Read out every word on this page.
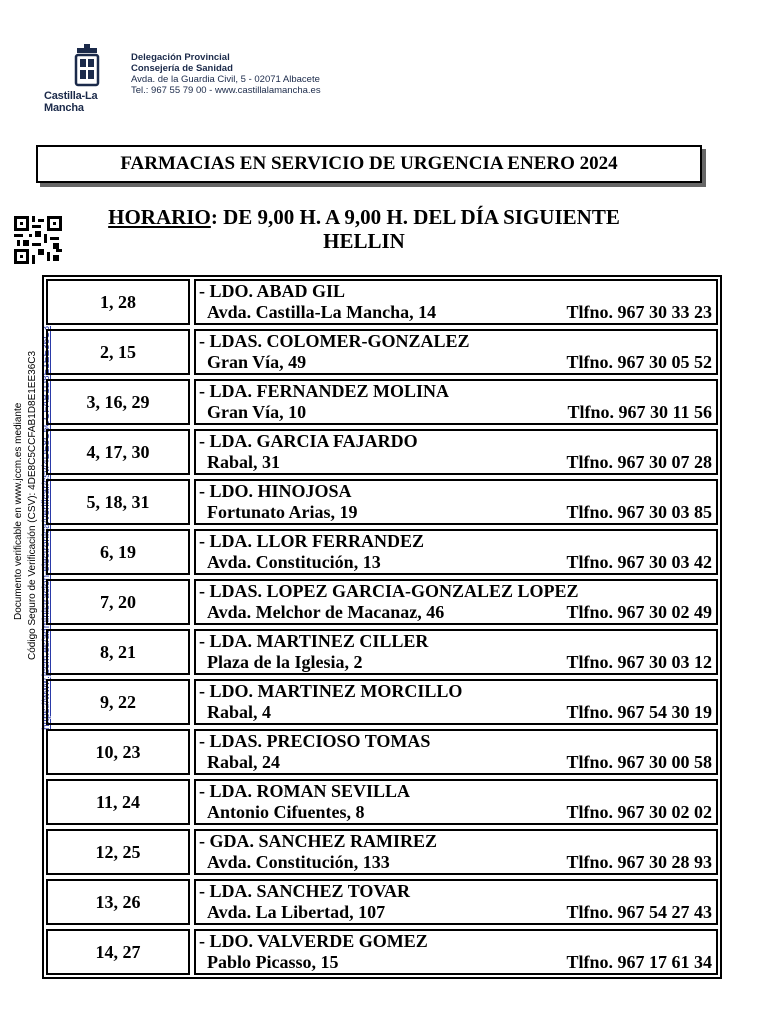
Castilla-La Mancha
Delegación Provincial
Consejería de Sanidad
Avda. de la Guardia Civil, 5 - 02071 Albacete
Tel.: 967 55 79 00 - www.castillalamancha.es
FARMACIAS EN SERVICIO DE URGENCIA ENERO 2024
HORARIO: DE 9,00 H. A 9,00 H. DEL DÍA SIGUIENTE
HELLIN
Documento verificable en www.jccm.es mediante Código Seguro de Verificación (CSV): 4DE8C5CCFAB1D8E1EE36C3 https://www.jccm.es/administracion-electronica/verificar/csv/4DE8C5CCFAB1D8E1EE36C3
1, 28
- LDO. ABAD GIL
Avda. Castilla-La Mancha, 14	Tlfno. 967 30 33 23
2, 15
- LDAS. COLOMER-GONZALEZ
Gran Vía, 49	Tlfno. 967 30 05 52
3, 16, 29
- LDA. FERNANDEZ MOLINA
Gran Vía, 10	Tlfno. 967 30 11 56
4, 17, 30
- LDA. GARCIA FAJARDO
Rabal, 31	Tlfno. 967 30 07 28
5, 18, 31
- LDO. HINOJOSA
Fortunato Arias, 19	Tlfno. 967 30 03 85
6, 19
- LDA. LLOR FERRANDEZ
Avda. Constitución, 13	Tlfno. 967 30 03 42
7, 20
- LDAS. LOPEZ GARCIA-GONZALEZ LOPEZ
Avda. Melchor de Macanaz, 46	Tlfno. 967 30 02 49
8, 21
- LDA. MARTINEZ CILLER
Plaza de la Iglesia, 2	Tlfno. 967 30 03 12
9, 22
- LDO. MARTINEZ MORCILLO
Rabal, 4	Tlfno. 967 54 30 19
10, 23
- LDAS. PRECIOSO TOMAS
Rabal, 24	Tlfno. 967 30 00 58
11, 24
- LDA. ROMAN SEVILLA
Antonio Cifuentes, 8	Tlfno. 967 30 02 02
12, 25
- GDA. SANCHEZ RAMIREZ
Avda. Constitución, 133	Tlfno. 967 30 28 93
13, 26
- LDA. SANCHEZ TOVAR
Avda. La Libertad, 107	Tlfno. 967 54 27 43
14, 27
- LDO. VALVERDE GOMEZ
Pablo Picasso, 15	Tlfno. 967 17 61 34
